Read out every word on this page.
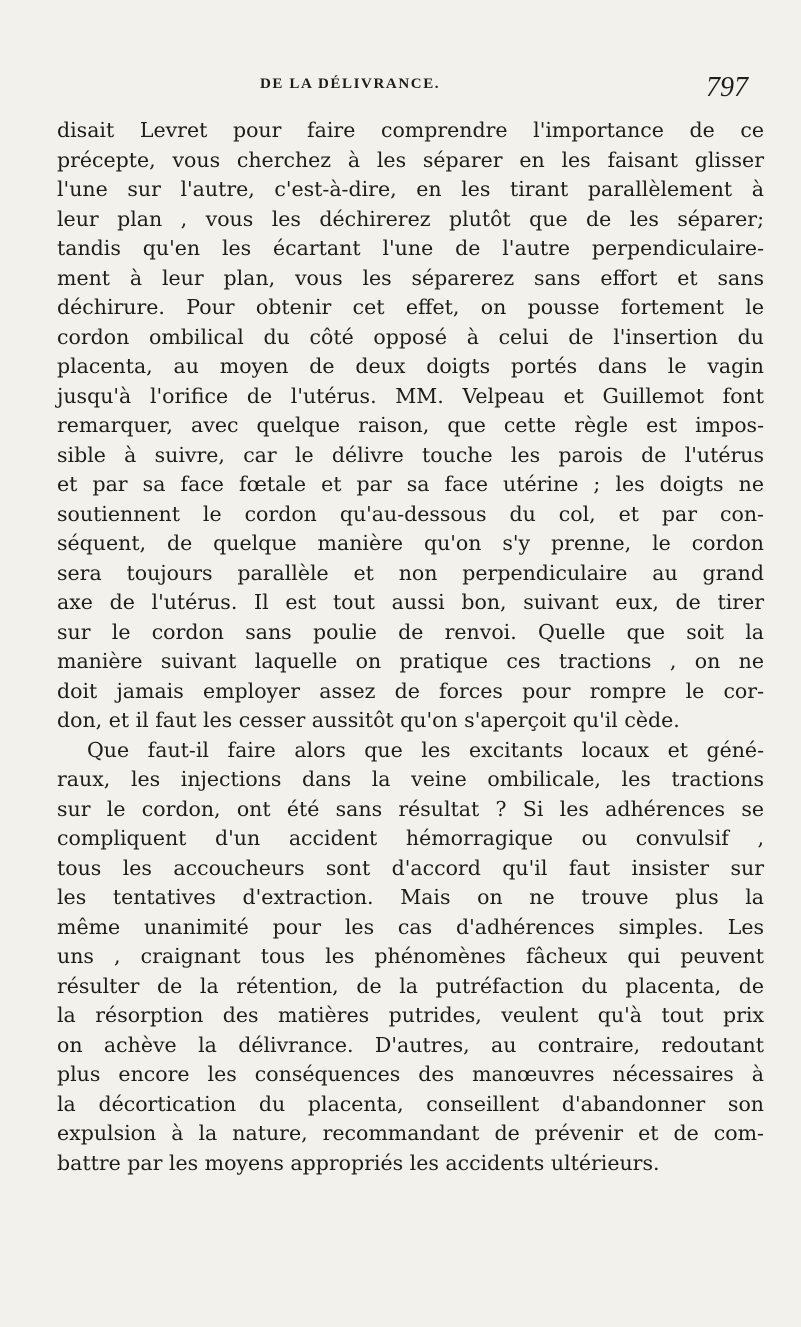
DE LA DÉLIVRANCE.	797
disait Levret pour faire comprendre l'importance de ce
précepte, vous cherchez à les séparer en les faisant glisser
l'une sur l'autre, c'est-à-dire, en les tirant parallèlement à
leur plan , vous les déchirerez plutôt que de les séparer;
tandis qu'en les écartant l'une de l'autre perpendiculaire-
ment à leur plan, vous les séparerez sans effort et sans
déchirure. Pour obtenir cet effet, on pousse fortement le
cordon ombilical du côté opposé à celui de l'insertion du
placenta, au moyen de deux doigts portés dans le vagin
jusqu'à l'orifice de l'utérus. MM. Velpeau et Guillemot font
remarquer, avec quelque raison, que cette règle est impos-
sible à suivre, car le délivre touche les parois de l'utérus
et par sa face fœtale et par sa face utérine ; les doigts ne
soutiennent le cordon qu'au-dessous du col, et par con-
séquent, de quelque manière qu'on s'y prenne, le cordon
sera toujours parallèle et non perpendiculaire au grand
axe de l'utérus. Il est tout aussi bon, suivant eux, de tirer
sur le cordon sans poulie de renvoi. Quelle que soit la
manière suivant laquelle on pratique ces tractions , on ne
doit jamais employer assez de forces pour rompre le cor-
don, et il faut les cesser aussitôt qu'on s'aperçoit qu'il cède.
Que faut-il faire alors que les excitants locaux et géné-
raux, les injections dans la veine ombilicale, les tractions
sur le cordon, ont été sans résultat ? Si les adhérences se
compliquent d'un accident hémorragique ou convulsif ,
tous les accoucheurs sont d'accord qu'il faut insister sur
les tentatives d'extraction. Mais on ne trouve plus la
même unanimité pour les cas d'adhérences simples. Les
uns , craignant tous les phénomènes fâcheux qui peuvent
résulter de la rétention, de la putréfaction du placenta, de
la résorption des matières putrides, veulent qu'à tout prix
on achève la délivrance. D'autres, au contraire, redoutant
plus encore les conséquences des manœuvres nécessaires à
la décortication du placenta, conseillent d'abandonner son
expulsion à la nature, recommandant de prévenir et de com-
battre par les moyens appropriés les accidents ultérieurs.
